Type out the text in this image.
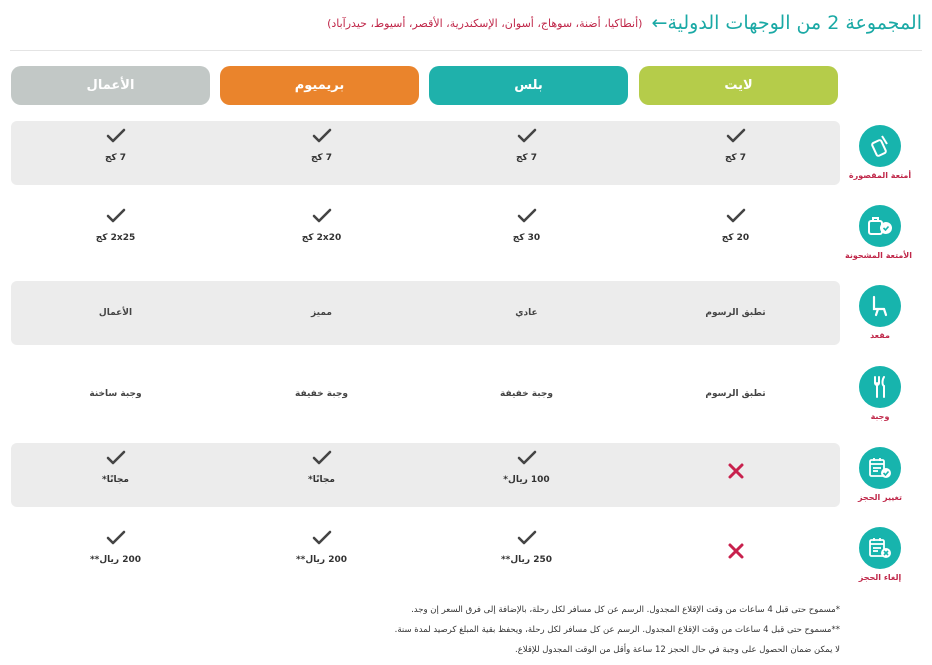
المجموعة 2 من الوجهات الدولية← (أنطاكيا، أضنة، سوهاج، أسوان، الإسكندرية، الأقصر، أسيوط، حيدرآباد)
لايت
بلس
بريميوم
الأعمال
7 كج
7 كج
7 كج
7 كج
أمتعة المقصورة
20 كج
30 كج
2x20 كج
2x25 كج
الأمتعة المشحونة
تطبق الرسوم
عادي
مميز
الأعمال
مقعد
تطبق الرسوم
وجبة خفيفة
وجبة خفيفة
وجبة ساخنة
وجبة
100 ريال*
مجانًا*
مجانًا*
تغيير الحجز
250 ريال**
200 ريال**
200 ريال**
إلغاء الحجز
*مسموح حتى قبل 4 ساعات من وقت الإقلاع المجدول. الرسم عن كل مسافر لكل رحلة، بالإضافة إلى فرق السعر إن وجد.
**مسموح حتى قبل 4 ساعات من وقت الإقلاع المجدول. الرسم عن كل مسافر لكل رحلة، ويحفظ بقية المبلغ كرصيد لمدة سنة.
لا يمكن ضمان الحصول على وجبة في حال الحجز 12 ساعة وأقل من الوقت المجدول للإقلاع.
